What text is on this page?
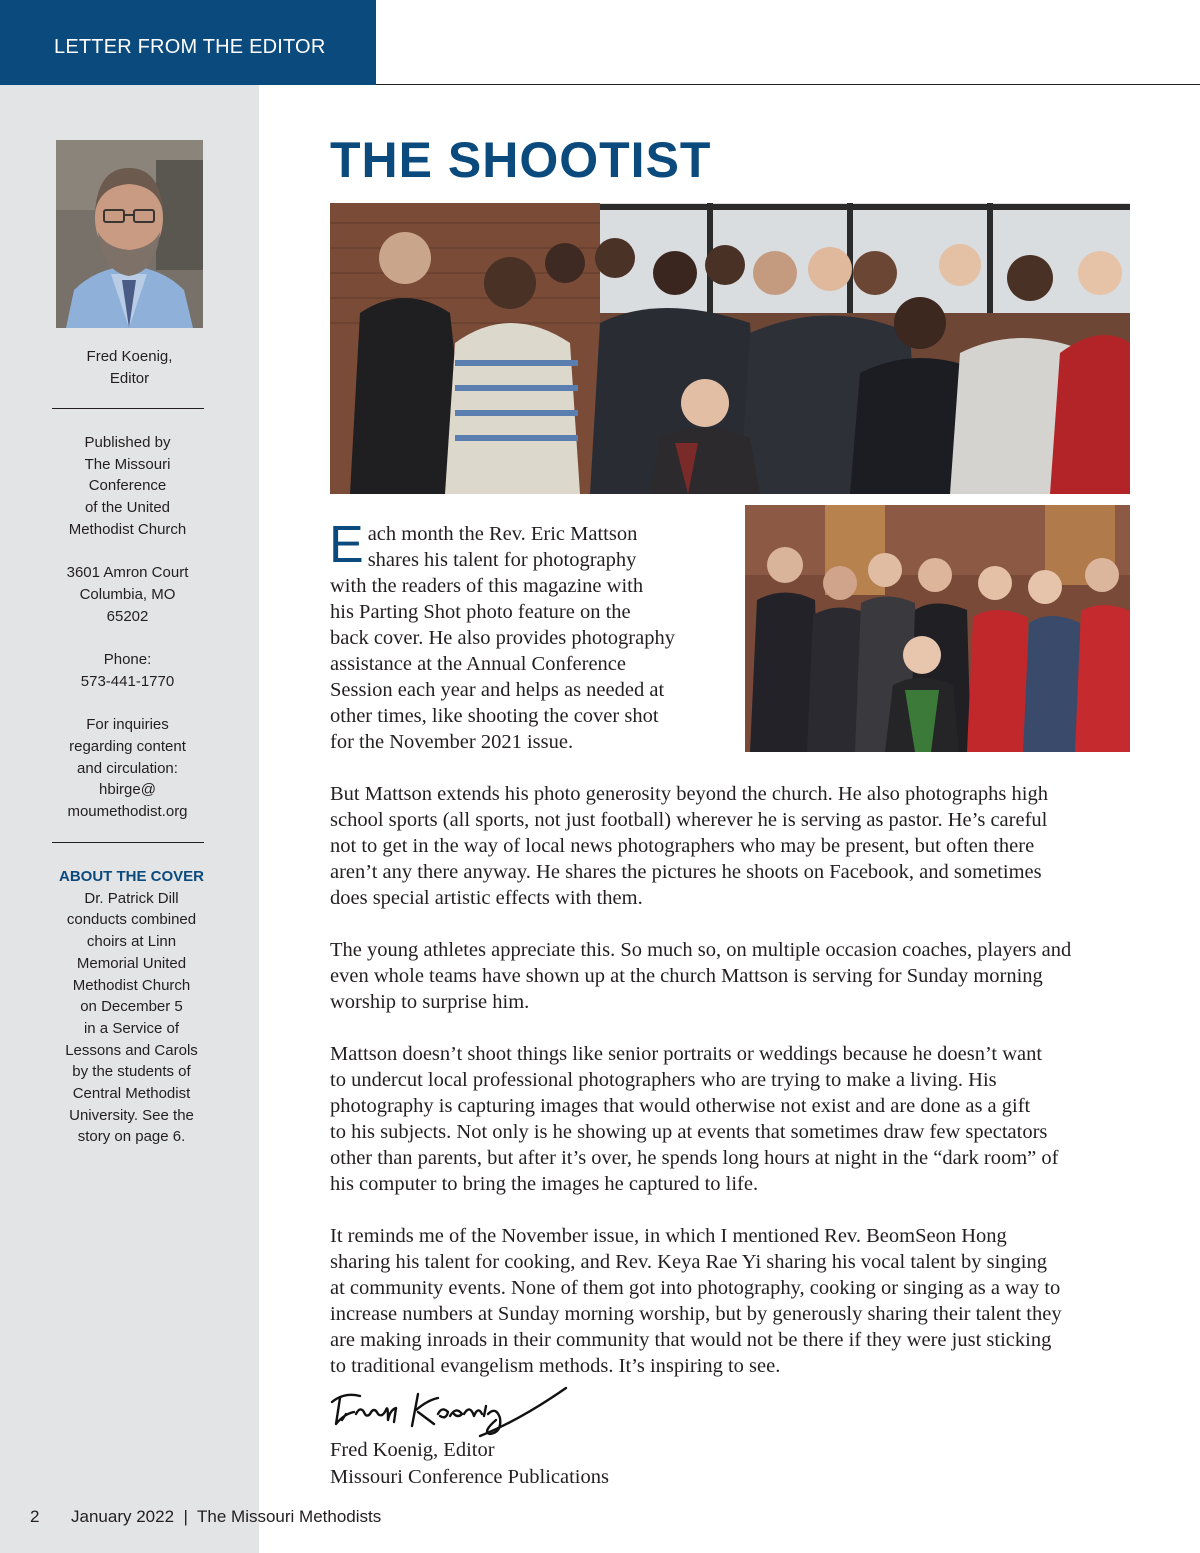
LETTER FROM THE EDITOR
Fred Koenig,
Editor
Published by
The Missouri
Conference
of the United
Methodist Church
3601 Amron Court
Columbia, MO
65202
Phone:
573-441-1770
For inquiries
regarding content
and circulation:
hbirge@
moumethodist.org
ABOUT THE COVER
Dr. Patrick Dill
conducts combined
choirs at Linn
Memorial United
Methodist Church
on December 5
in a Service of
Lessons and Carols
by the students of
Central Methodist
University. See the
story on page 6.
THE SHOOTIST
E ach month the Rev. Eric Mattson
shares his talent for photography
with the readers of this magazine with
his Parting Shot photo feature on the
back cover. He also provides photography
assistance at the Annual Conference
Session each year and helps as needed at
other times, like shooting the cover shot
for the November 2021 issue.
But Mattson extends his photo generosity beyond the church. He also photographs high
school sports (all sports, not just football) wherever he is serving as pastor. He’s careful
not to get in the way of local news photographers who may be present, but often there
aren’t any there anyway. He shares the pictures he shoots on Facebook, and sometimes
does special artistic effects with them.
The young athletes appreciate this. So much so, on multiple occasion coaches, players and
even whole teams have shown up at the church Mattson is serving for Sunday morning
worship to surprise him.
Mattson doesn’t shoot things like senior portraits or weddings because he doesn’t want
to undercut local professional photographers who are trying to make a living. His
photography is capturing images that would otherwise not exist and are done as a gift
to his subjects. Not only is he showing up at events that sometimes draw few spectators
other than parents, but after it’s over, he spends long hours at night in the “dark room” of
his computer to bring the images he captured to life.
It reminds me of the November issue, in which I mentioned Rev. BeomSeon Hong
sharing his talent for cooking, and Rev. Keya Rae Yi sharing his vocal talent by singing
at community events. None of them got into photography, cooking or singing as a way to
increase numbers at Sunday morning worship, but by generously sharing their talent they
are making inroads in their community that would not be there if they were just sticking
to traditional evangelism methods. It’s inspiring to see.
Fred Koenig, Editor
Missouri Conference Publications
2 January 2022  |  The Missouri Methodists
